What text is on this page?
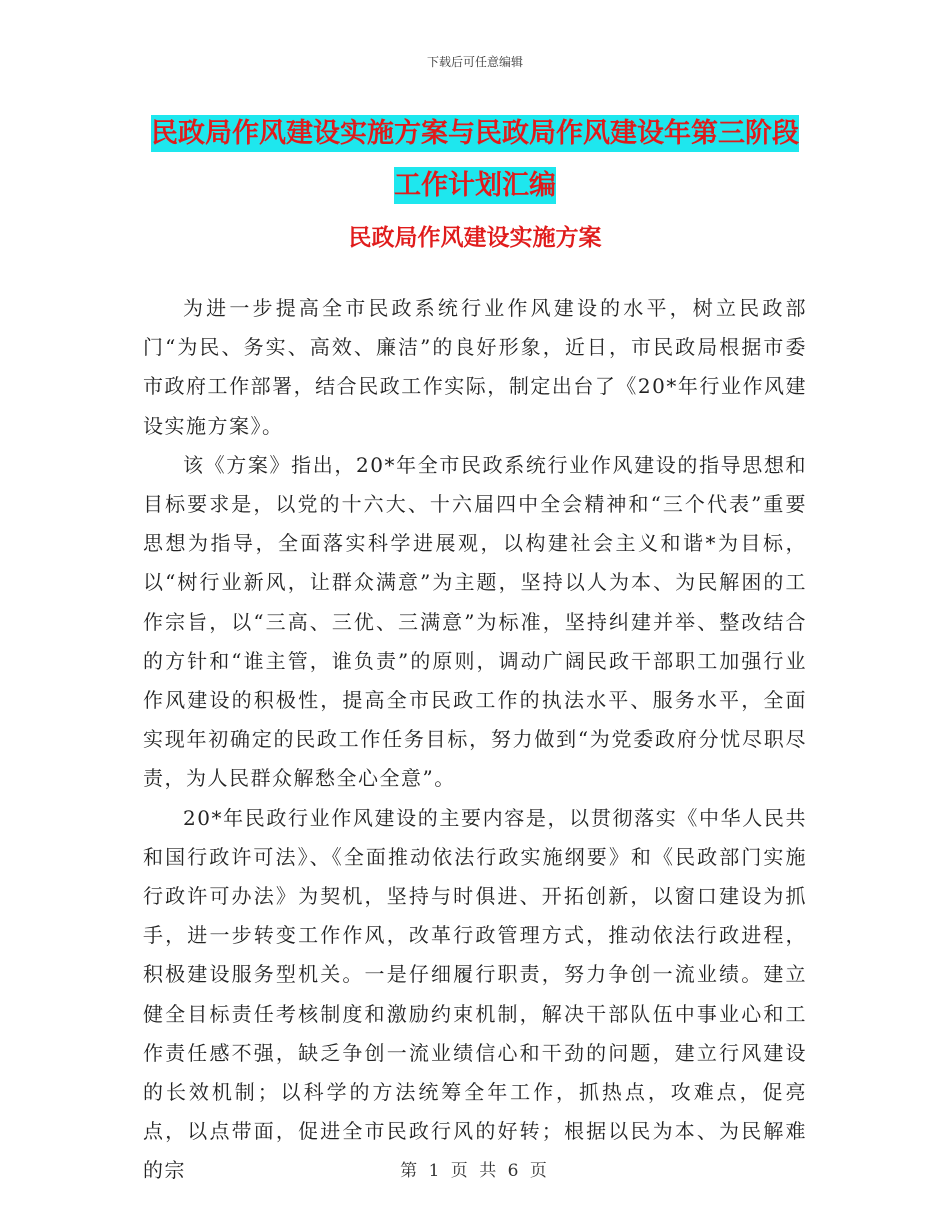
下载后可任意编辑
民政局作风建设实施方案与民政局作风建设年第三阶段工作计划汇编
民政局作风建设实施方案

为进一步提高全市民政系统行业作风建设的水平，树立民政部门“为民、务实、高效、廉洁”的良好形象，近日，市民政局根据市委市政府工作部署，结合民政工作实际，制定出台了《20*年行业作风建设实施方案》。

该《方案》指出，20*年全市民政系统行业作风建设的指导思想和目标要求是，以党的十六大、十六届四中全会精神和“三个代表”重要思想为指导，全面落实科学进展观，以构建社会主义和谐*为目标，以“树行业新风，让群众满意”为主题，坚持以人为本、为民解困的工作宗旨，以“三高、三优、三满意”为标准，坚持纠建并举、整改结合的方针和“谁主管，谁负责”的原则，调动广阔民政干部职工加强行业作风建设的积极性，提高全市民政工作的执法水平、服务水平，全面实现年初确定的民政工作任务目标，努力做到“为党委政府分忧尽职尽责，为人民群众解愁全心全意”。

20*年民政行业作风建设的主要内容是，以贯彻落实《中华人民共和国行政许可法》、《全面推动依法行政实施纲要》和《民政部门实施行政许可办法》为契机，坚持与时俱进、开拓创新，以窗口建设为抓手，进一步转变工作作风，改革行政管理方式，推动依法行政进程，积极建设服务型机关。一是仔细履行职责，努力争创一流业绩。建立健全目标责任考核制度和激励约束机制，解决干部队伍中事业心和工作责任感不强，缺乏争创一流业绩信心和干劲的问题，建立行风建设的长效机制；以科学的方法统筹全年工作，抓热点，攻难点，促亮点，以点带面，促进全市民政行风的好转；根据以民为本、为民解难的宗	第 1 页 共 6 页
